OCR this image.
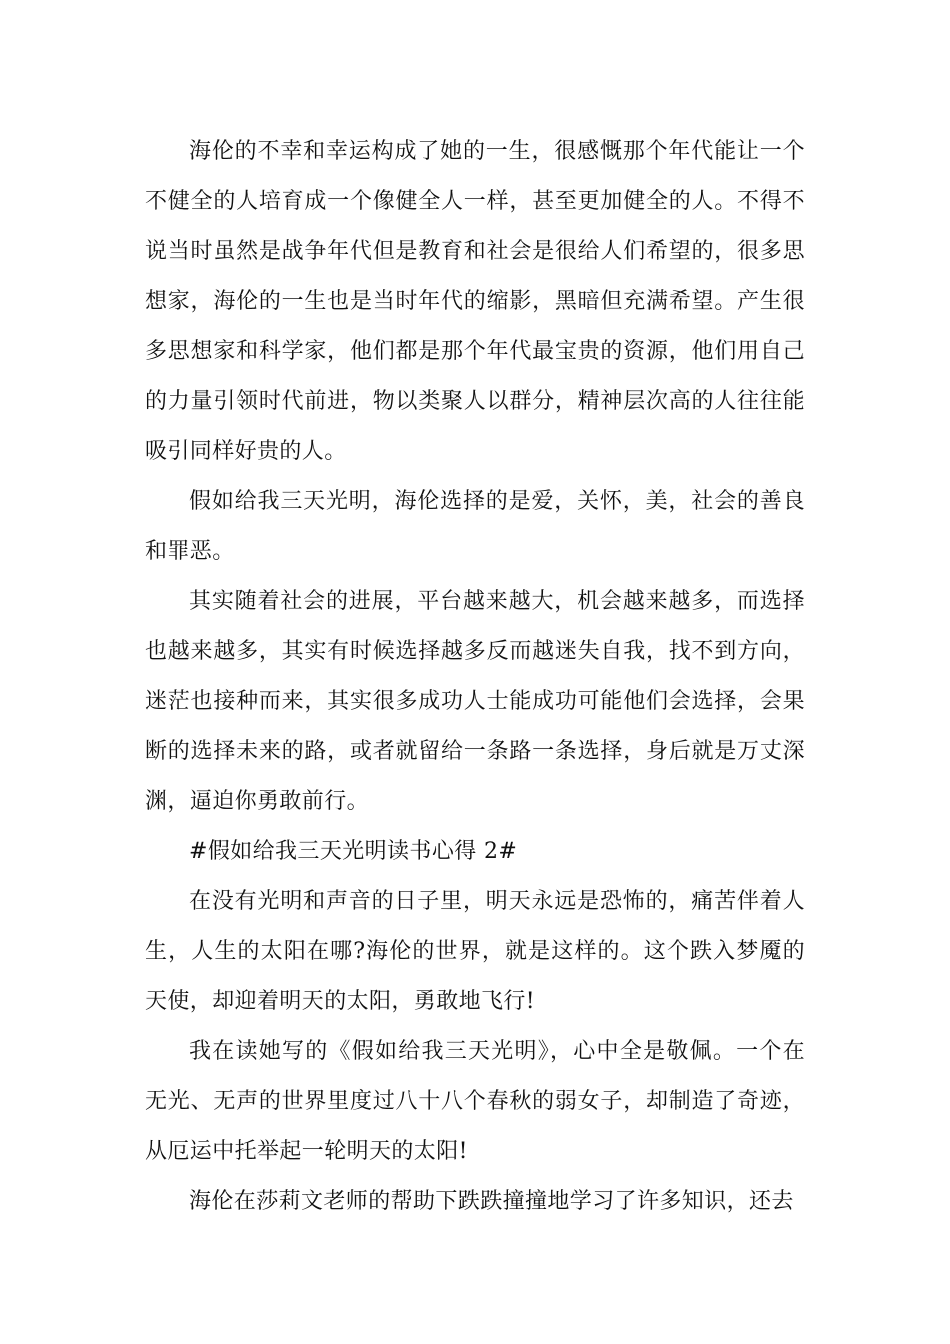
海伦的不幸和幸运构成了她的一生，很感慨那个年代能让一个不健全的人培育成一个像健全人一样，甚至更加健全的人。不得不说当时虽然是战争年代但是教育和社会是很给人们希望的，很多思想家，海伦的一生也是当时年代的缩影，黑暗但充满希望。产生很多思想家和科学家，他们都是那个年代最宝贵的资源，他们用自己的力量引领时代前进，物以类聚人以群分，精神层次高的人往往能吸引同样好贵的人。

假如给我三天光明，海伦选择的是爱，关怀，美，社会的善良和罪恶。

其实随着社会的进展，平台越来越大，机会越来越多，而选择也越来越多，其实有时候选择越多反而越迷失自我，找不到方向，迷茫也接种而来，其实很多成功人士能成功可能他们会选择，会果断的选择未来的路，或者就留给一条路一条选择，身后就是万丈深渊，逼迫你勇敢前行。

#假如给我三天光明读书心得 2#

在没有光明和声音的日子里，明天永远是恐怖的，痛苦伴着人生，人生的太阳在哪?海伦的世界，就是这样的。这个跌入梦魇的天使，却迎着明天的太阳，勇敢地飞行!

我在读她写的《假如给我三天光明》，心中全是敬佩。一个在无光、无声的世界里度过八十八个春秋的弱女子，却制造了奇迹，从厄运中托举起一轮明天的太阳!

海伦在莎莉文老师的帮助下跌跌撞撞地学习了许多知识，还去
